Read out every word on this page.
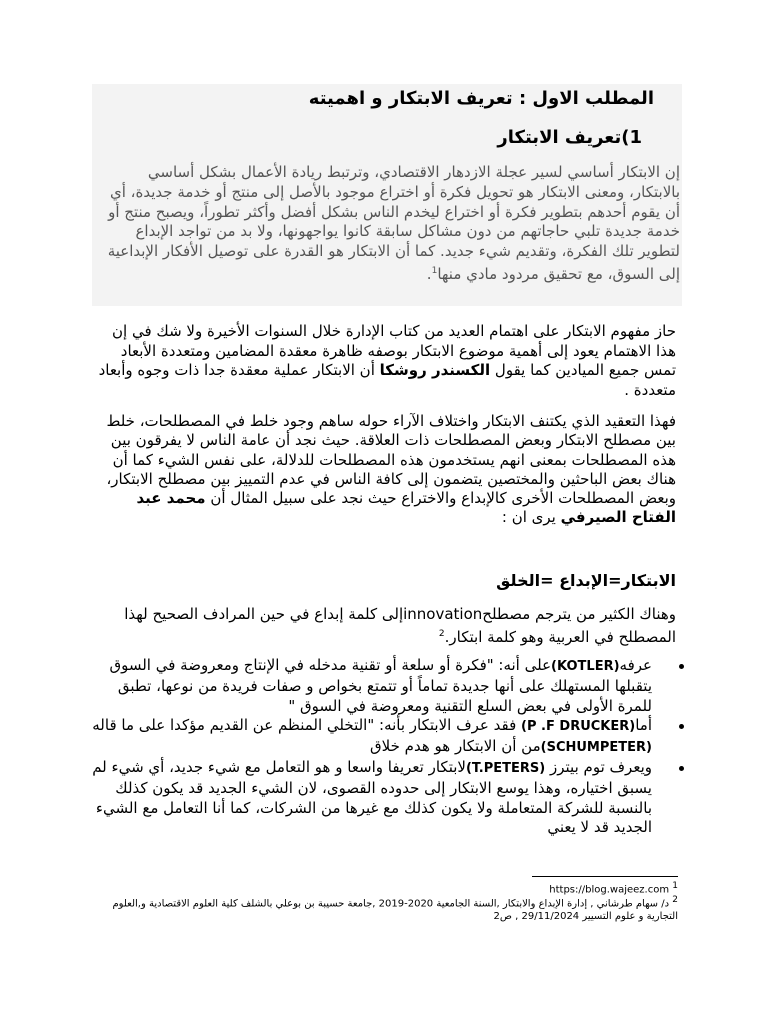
المطلب الاول : تعريف الابتكار و اهميته
1)تعريف الابتكار
إن الابتكار أساسي لسير عجلة الازدهار الاقتصادي، وترتبط ريادة الأعمال بشكل أساسي بالابتكار، ومعنى الابتكار هو تحويل فكرة أو اختراع موجود بالأصل إلى منتج أو خدمة جديدة، أي أن يقوم أحدهم بتطوير فكرة أو اختراع ليخدم الناس بشكل أفضل وأكثر تطوراً، ويصبح منتج أو خدمة جديدة تلبي حاجاتهم من دون مشاكل سابقة كانوا يواجهونها، ولا بد من تواجد الإبداع لتطوير تلك الفكرة، وتقديم شيء جديد. كما أن الابتكار هو القدرة على توصيل الأفكار الإبداعية إلى السوق، مع تحقيق مردود مادي منها$^1$.
حاز مفهوم الابتكار على اهتمام العديد من كتاب الإدارة خلال السنوات الأخيرة ولا شك في إن هذا الاهتمام يعود إلى أهمية موضوع الابتكار بوصفه ظاهرة معقدة المضامين ومتعددة الأبعاد تمس جميع الميادين كما يقول الكسندر روشكا أن الابتكار عملية معقدة جدا ذات وجوه وأبعاد متعددة .
فهذا التعقيد الذي يكتنف الابتكار واختلاف الآراء حوله ساهم وجود خلط في المصطلحات، خلط بين مصطلح الابتكار وبعض المصطلحات ذات العلاقة. حيث نجد أن عامة الناس لا يفرقون بين هذه المصطلحات بمعنى انهم يستخدمون هذه المصطلحات للدلالة، على نفس الشيء كما أن هناك بعض الباحثين والمختصين يتضمون إلى كافة الناس في عدم التمييز بين مصطلح الابتكار، وبعض المصطلحات الأخرى كالإبداع والاختراع حيث نجد على سبيل المثال أن محمد عبد الفتاح الصيرفي يرى ان :
الابتكار=الإبداع =الخلق
وهناك الكثير من يترجم مصطلحinnovationإلى كلمة إبداع في حين المرادف الصحيح لهذا المصطلح في العربية وهو كلمة ابتكار.$^2$
عرفه(KOTLER)على أنه: "فكرة أو سلعة أو تقنية مدخله في الإنتاج ومعروضة في السوق يتقبلها المستهلك على أنها جديدة تماماً أو تتمتع بخواص و صفات فريدة من نوعها، تطبق للمرة الأولى في بعض السلع التقنية ومعروضة في السوق "
أما(P .F DRUCKER) فقد عرف الابتكار بأنه: "التخلي المنظم عن القديم مؤكدا على ما قاله (SCHUMPETER)من أن الابتكار هو هدم خلاق
ويعرف توم بيترز (T.PETERS)لابتكار تعريفا واسعا و هو التعامل مع شيء جديد، أي شيء لم يسبق اختياره، وهذا يوسع الابتكار إلى حدوده القصوى، لان الشيء الجديد قد يكون كذلك بالنسبة للشركة المتعاملة ولا يكون كذلك مع غيرها من الشركات، كما أنا التعامل مع الشيء الجديد قد لا يعني
$^1$ https://blog.wajeez.com
$^2$ د/ سهام طرشاني , إدارة الإبداع والابتكار ,السنة الجامعية 2020-2019 ,جامعة حسيبة بن بوعلي بالشلف كلية العلوم الاقتصادية و,العلوم التجارية و علوم التسيير 29/11/2024 , ص2
